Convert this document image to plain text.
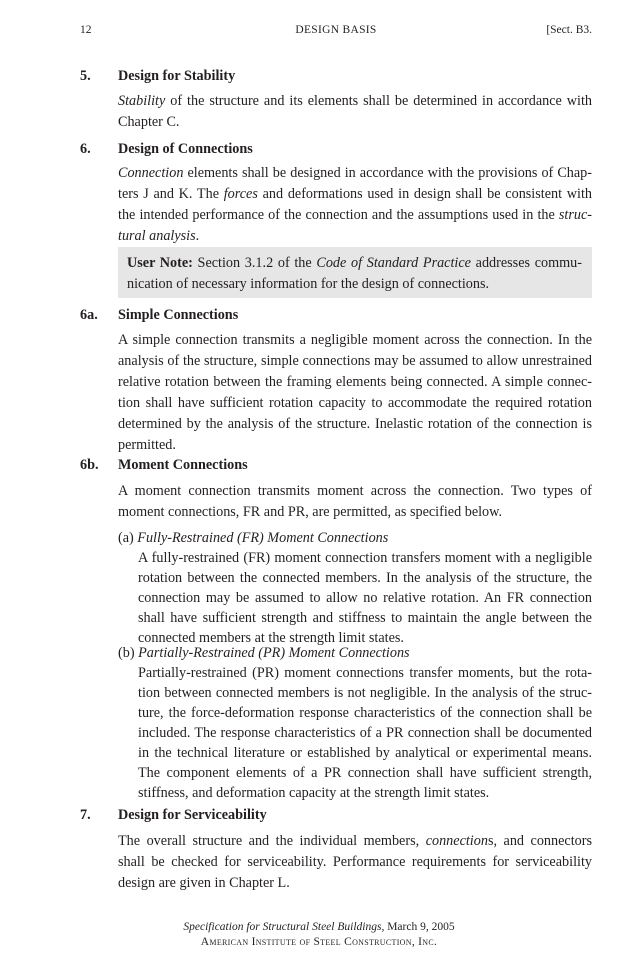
12	DESIGN BASIS	[Sect. B3.
5. Design for Stability
Stability of the structure and its elements shall be determined in accordance with
Chapter C.
6. Design of Connections
Connection elements shall be designed in accordance with the provisions of Chap-
ters J and K. The forces and deformations used in design shall be consistent with
the intended performance of the connection and the assumptions used in the struc-
tural analysis.
User Note: Section 3.1.2 of the Code of Standard Practice addresses commu-
nication of necessary information for the design of connections.
6a. Simple Connections
A simple connection transmits a negligible moment across the connection. In the
analysis of the structure, simple connections may be assumed to allow unrestrained
relative rotation between the framing elements being connected. A simple connec-
tion shall have sufficient rotation capacity to accommodate the required rotation
determined by the analysis of the structure. Inelastic rotation of the connection is
permitted.
6b. Moment Connections
A moment connection transmits moment across the connection. Two types of
moment connections, FR and PR, are permitted, as specified below.
(a) Fully-Restrained (FR) Moment Connections
A fully-restrained (FR) moment connection transfers moment with a negligible
rotation between the connected members. In the analysis of the structure, the
connection may be assumed to allow no relative rotation. An FR connection
shall have sufficient strength and stiffness to maintain the angle between the
connected members at the strength limit states.
(b) Partially-Restrained (PR) Moment Connections
Partially-restrained (PR) moment connections transfer moments, but the rota-
tion between connected members is not negligible. In the analysis of the struc-
ture, the force-deformation response characteristics of the connection shall be
included. The response characteristics of a PR connection shall be documented
in the technical literature or established by analytical or experimental means.
The component elements of a PR connection shall have sufficient strength,
stiffness, and deformation capacity at the strength limit states.
7. Design for Serviceability
The overall structure and the individual members, connections, and connectors
shall be checked for serviceability. Performance requirements for serviceability
design are given in Chapter L.
Specification for Structural Steel Buildings, March 9, 2005
American Institute of Steel Construction, Inc.
